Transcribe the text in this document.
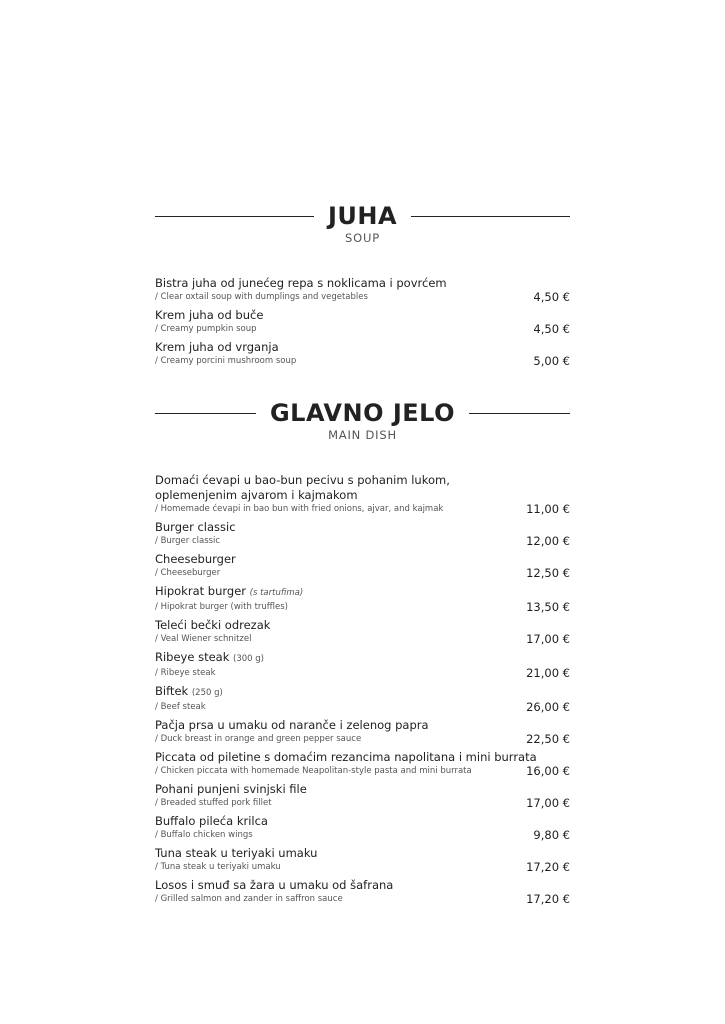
JUHA
SOUP
Bistra juha od junećeg repa s noklicama i povrćem
/ Clear oxtail soup with dumplings and vegetables	4,50 €
Krem juha od buče
/ Creamy pumpkin soup	4,50 €
Krem juha od vrganja
/ Creamy porcini mushroom soup	5,00 €
GLAVNO JELO
MAIN DISH
Domaći ćevapi u bao-bun pecivu s pohanim lukom, oplemenjenim ajvarom i kajmakom
/ Homemade ćevapi in bao bun with fried onions, ajvar, and kajmak	11,00 €
Burger classic
/ Burger classic	12,00 €
Cheeseburger
/ Cheeseburger	12,50 €
Hipokrat burger (s tartufima)
/ Hipokrat burger (with truffles)	13,50 €
Teleći bečki odrezak
/ Veal Wiener schnitzel	17,00 €
Ribeye steak (300 g)
/ Ribeye steak	21,00 €
Biftek (250 g)
/ Beef steak	26,00 €
Pačja prsa u umaku od naranče i zelenog papra
/ Duck breast in orange and green pepper sauce	22,50 €
Piccata od piletine s domaćim rezancima napolitana i mini burrata
/ Chicken piccata with homemade Neapolitan-style pasta and mini burrata	16,00 €
Pohani punjeni svinjski file
/ Breaded stuffed pork fillet	17,00 €
Buffalo pileća krilca
/ Buffalo chicken wings	9,80 €
Tuna steak u teriyaki umaku
/ Tuna steak u teriyaki umaku	17,20 €
Losos i smuđ sa žara u umaku od šafrana
/ Grilled salmon and zander in saffron sauce	17,20 €
